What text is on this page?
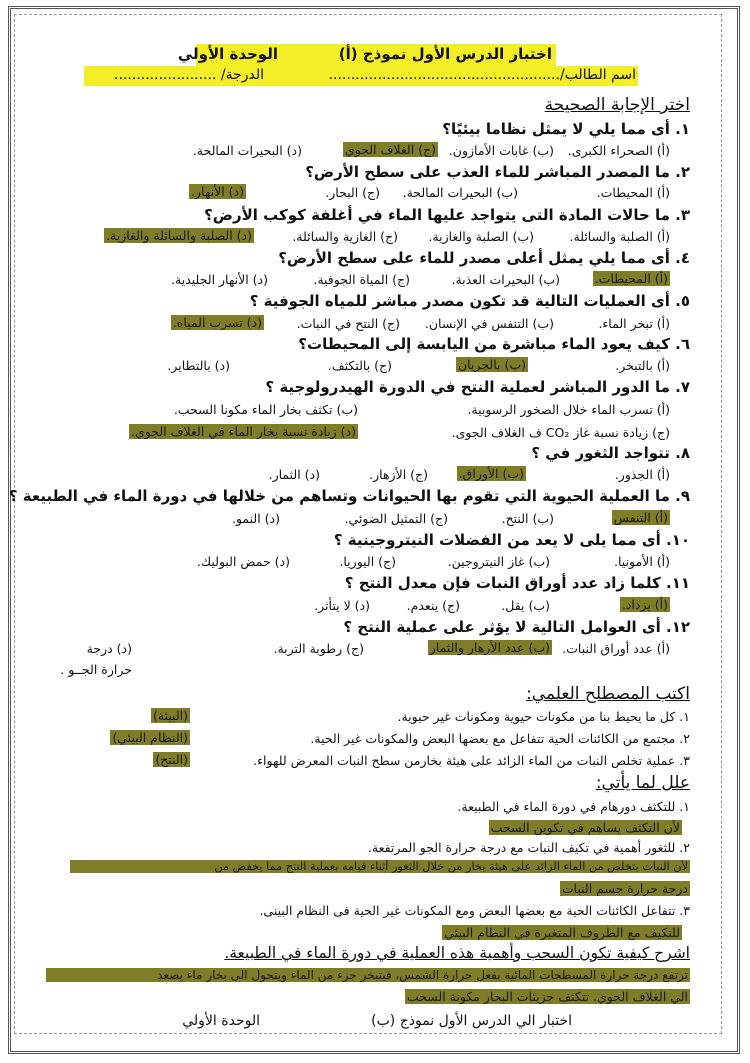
الوحدة الأولي	اختبار الدرس الأول نموذج (أ)
اسم الطالب/....................................................
الدرجة/ .......................
اختر الإجابة الصحيحة
١. أى مما يلي لا يمثل نظاما بيئيًا؟
(أ) الصحراء الكبرى.
(ب) غابات الأمازون.
(ج) الغلاف الجوي
(د) البحيرات المالحة.
٢. ما المصدر المباشر للماء العذب على سطح الأرض؟
(أ) المحيطات.
(ب) البحيرات المالحة.
(ج) البحار.
(د) الأنهار.
٣. ما حالات المادة التى يتواجد عليها الماء في أغلفة كوكب الأرض؟
(أ) الصلبة والسائلة.
(ب) الصلبة والغازية.
(ج) الغازية والسائلة.
(د) الصلبة والسائلة والغازية.
٤. أى مما يلي يمثل أعلى مصدر للماء على سطح الأرض؟
(أ) المحيطات.
(ب) البحيرات العذبة.
(ج) المياة الجوفية.
(د) الأنهار الجليدية.
٥. أى العمليات التالية قد تكون مصدر مباشر للمياه الجوفية ؟
(أ) تبخر الماء.
(ب) التنفس في الإنسان.
(ج) النتح في النبات.
(د) تسرب المياه.
٦. كيف يعود الماء مباشرة من اليابسة إلى المحيطات؟
(أ) بالتبخر.
(ب) بالجريان
(ج) بالتكثف.
(د) بالتطاير.
٧. ما الدور المباشر لعملية النتح في الدورة الهيدرولوجية ؟
(أ) تسرب الماء خلال الصخور الرسوبية.
(ب) تكثف بخار الماء مكونا السحب.
(ج) زيادة نسبة غاز CO₂ ف الغلاف الجوى.
(د) زيادة نسبة بخار الماء في الغلاف الجوي.
٨. تتواجد الثغور في ؟
(أ) الجذور.
(ب) الأوراق.
(ج) الأزهار.
(د) الثمار.
٩. ما العملية الحيوية التي تقوم بها الحيوانات وتساهم من خلالها في دورة الماء في الطبيعة ؟
(أ) التنفس
(ب) النتح.
(ج) التمثيل الضوئي.
(د) النمو.
١٠. أى مما يلى لا يعد من الفضلات النيتروجينية ؟
(أ) الأمونيا.
(ب) غاز النيتروجين.
(ج) اليوريا.
(د) حمض البوليك.
١١. كلما زاد عدد أوراق النبات فإن معدل النتح ؟
(أ) يزداد.
(ب) يقل.
(ج) ينعدم.
(د) لا يتأثر.
١٢. أى العوامل التالية لا يؤثر على عملية النتح ؟
(أ) عدد أوراق النبات.
(ب) عدد الأزهار والثمار
(ج) رطوبة التربة.
(د) درجة
حرارة الجــو .
اكتب المصطلح العلمي:
١. كل ما يحيط بنا من مكونات حيوية ومكونات غير حيوية.
(البيئة)
٢. مجتمع من الكائنات الحية تتفاعل مع بعضها البعض والمكونات غير الحية.
(النظام البيئي)
٣. عملية تخلص النبات من الماء الزائد على هيئة بخارمن سطح النبات المعرض للهواء.
(النتح)
علل لما يأتي:
١. للتكثف دورهام في دورة الماء في الطبيعة.
لأن التكثف يساهم في تكوين السحب
٢. للثغور أهمية في تكيف النبات مع درجة حرارة الجو المرتفعة.
لأن النبات يتخلص من الماء الزائد على هيئة بخار من خلال الثغور أثناء قيامه بعملية النتح مما يخفض من
درجة حرارة جسم النبات
٣. تتفاعل الكائنات الحية مع بعضها البعض ومع المكونات غير الحية فى النظام البينى.
للتكيف مع الظروف المتغيرة في النظام البيئي
اشرح كيفية تكون السحب وأهمية هذه العملية في دورة الماء في الطبيعة.
ترتفع درجة حرارة المسطحات المائية بفعل حرارة الشمس، فيتبخر جزء من الماء ويتحول الى بخار ماء يصعد
الي الغلاف الجوي. تتكثف جزيئات البخار مكونة السحب
اختبار الي الدرس الأول نموذج (ب)
الوحدة الأولي
